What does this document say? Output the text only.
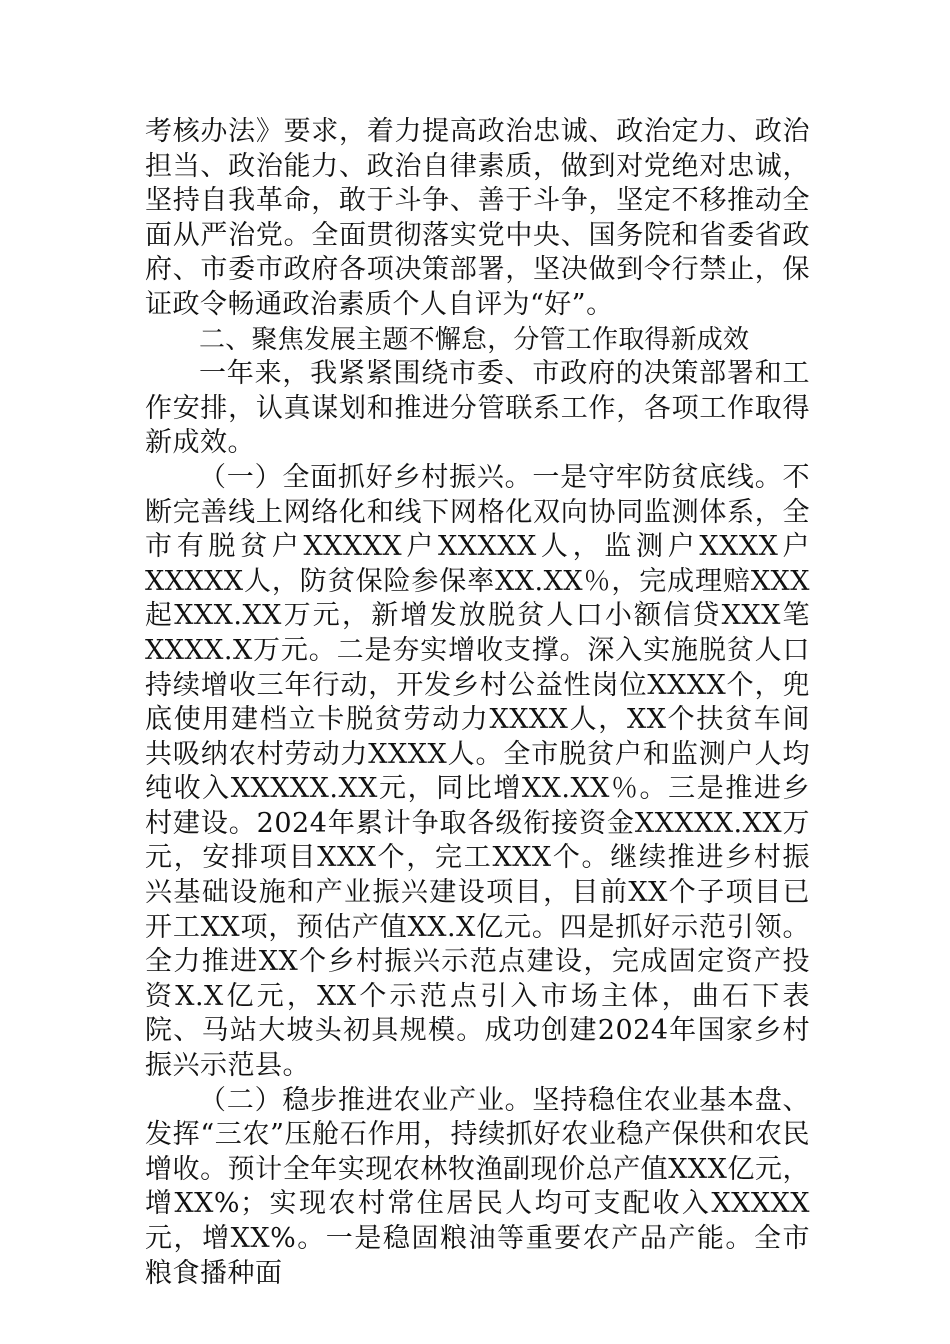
考核办法》要求，着力提高政治忠诚、政治定力、政治担当、政治能力、政治自律素质，做到对党绝对忠诚，坚持自我革命，敢于斗争、善于斗争，坚定不移推动全面从严治党。全面贯彻落实党中央、国务院和省委省政府、市委市政府各项决策部署，坚决做到令行禁止，保证政令畅通政治素质个人自评为“好”。

二、聚焦发展主题不懈怠，分管工作取得新成效

一年来，我紧紧围绕市委、市政府的决策部署和工作安排，认真谋划和推进分管联系工作，各项工作取得新成效。

（一）全面抓好乡村振兴。一是守牢防贫底线。不断完善线上网络化和线下网格化双向协同监测体系，全市有脱贫户XXXXX户XXXXX人，监测户XXXX户XXXXX人，防贫保险参保率XX.XX％，完成理赔XXX起XXX.XX万元，新增发放脱贫人口小额信贷XXX笔XXXX.X万元。二是夯实增收支撑。深入实施脱贫人口持续增收三年行动，开发乡村公益性岗位XXXX个，兜底使用建档立卡脱贫劳动力XXXX人，XX个扶贫车间共吸纳农村劳动力XXXX人。全市脱贫户和监测户人均纯收入XXXXX.XX元，同比增XX.XX％。三是推进乡村建设。2024年累计争取各级衔接资金XXXXX.XX万元，安排项目XXX个，完工XXX个。继续推进乡村振兴基础设施和产业振兴建设项目，目前XX个子项目已开工XX项，预估产值XX.X亿元。四是抓好示范引领。全力推进XX个乡村振兴示范点建设，完成固定资产投资X.X亿元，XX个示范点引入市场主体，曲石下表院、马站大坡头初具规模。成功创建2024年国家乡村振兴示范县。

（二）稳步推进农业产业。坚持稳住农业基本盘、发挥“三农”压舱石作用，持续抓好农业稳产保供和农民增收。预计全年实现农林牧渔副现价总产值XXX亿元，增XX%；实现农村常住居民人均可支配收入XXXXX元，增XX%。一是稳固粮油等重要农产品产能。全市粮食播种面
